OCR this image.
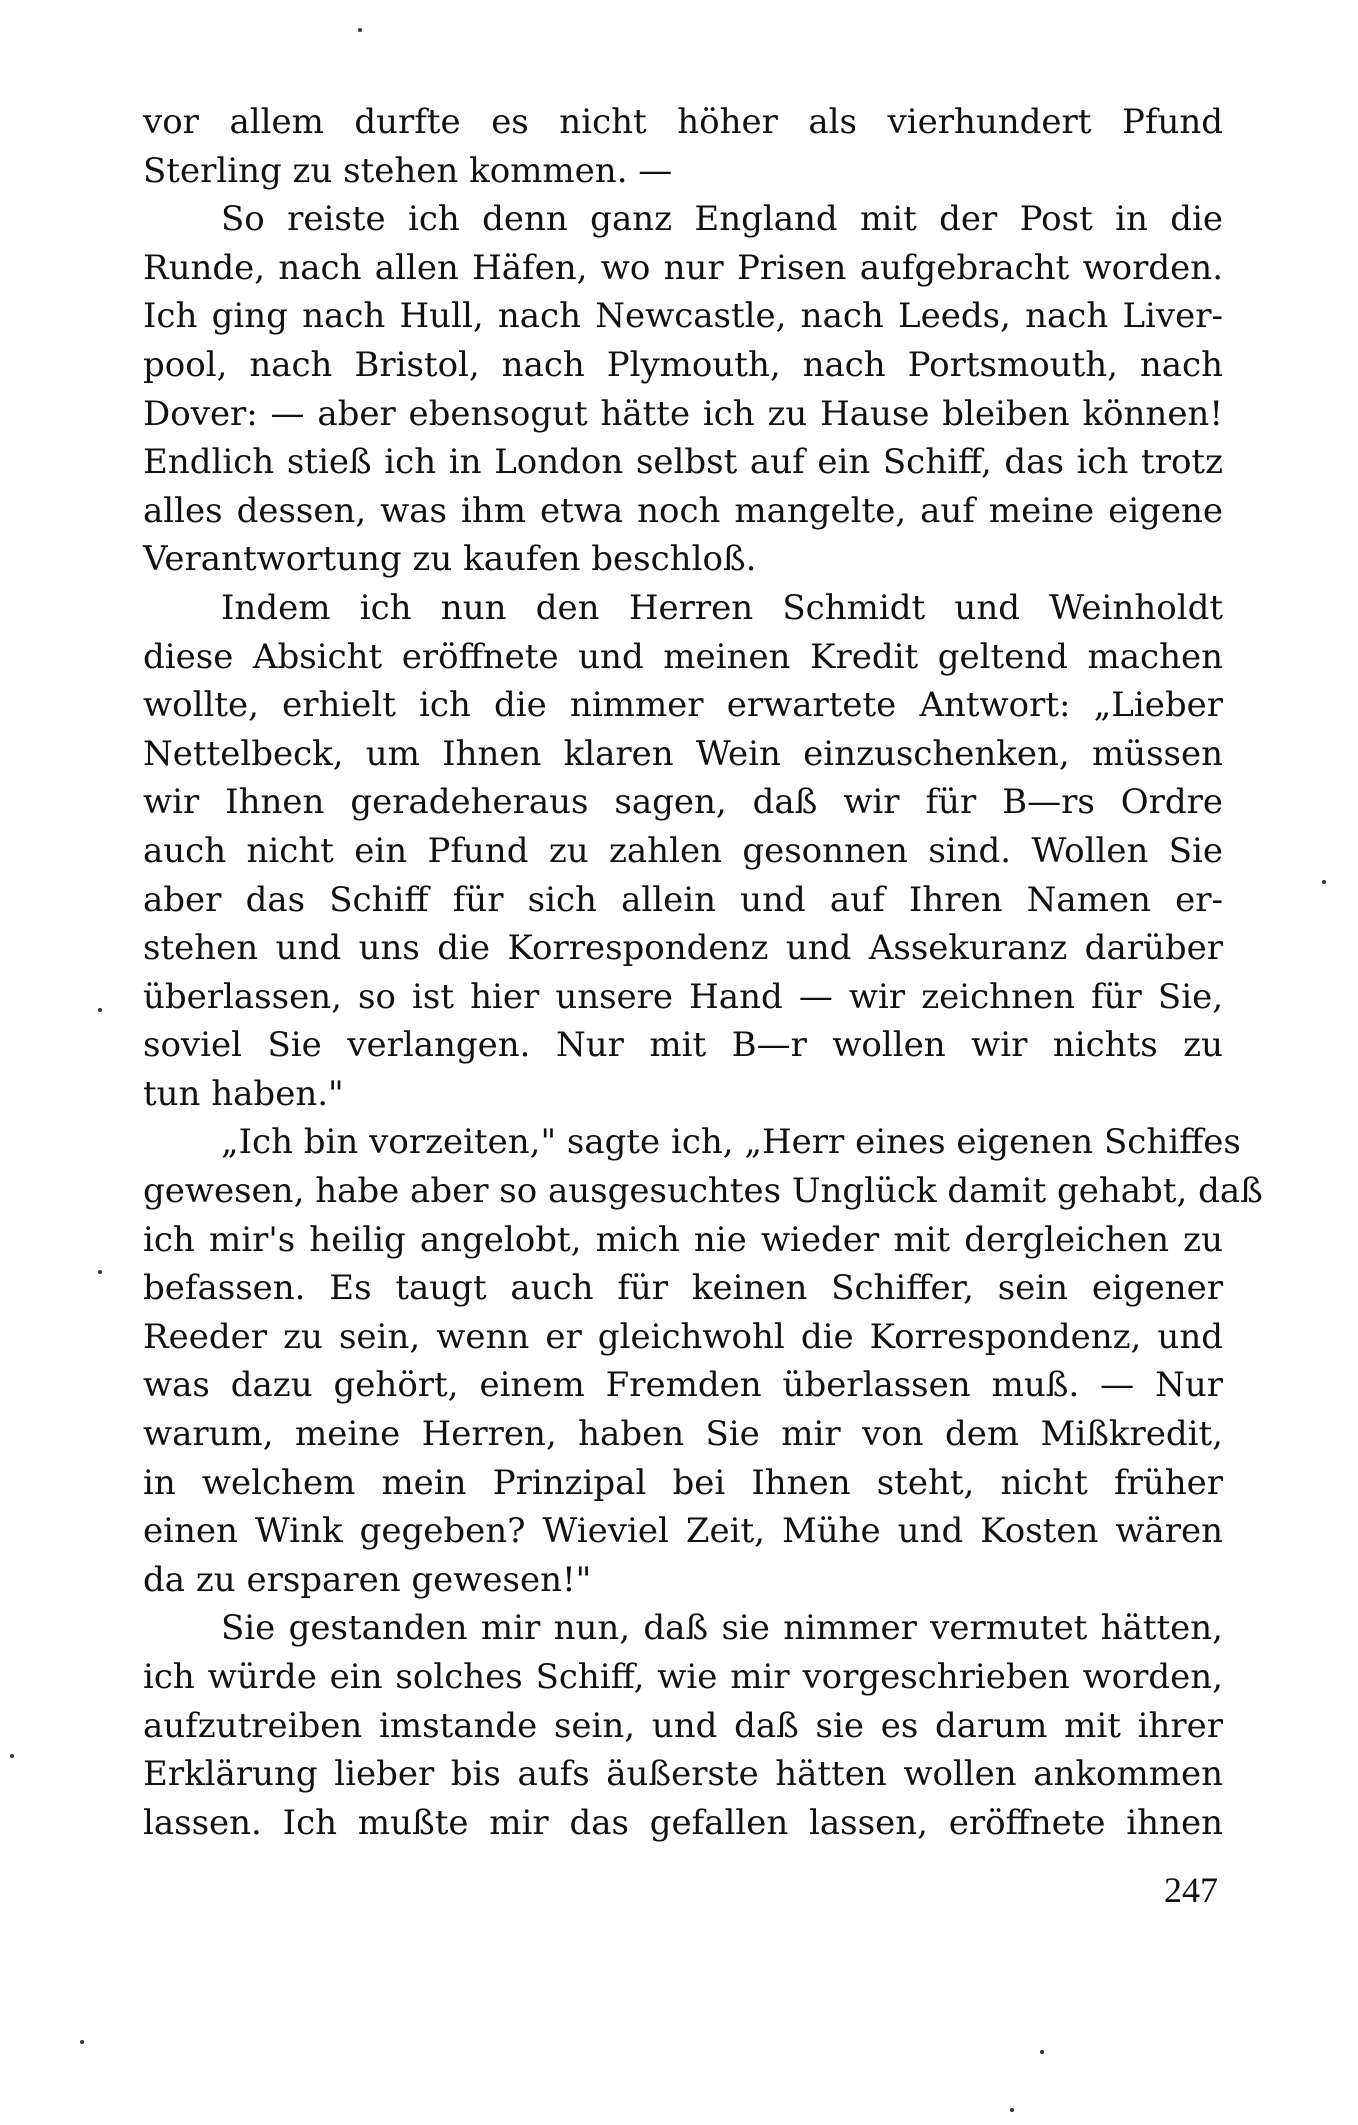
vor allem durfte es nicht höher als vierhundert Pfund
Sterling zu stehen kommen. —
So reiste ich denn ganz England mit der Post in die
Runde, nach allen Häfen, wo nur Prisen aufgebracht worden.
Ich ging nach Hull, nach Newcastle, nach Leeds, nach Liver-
pool, nach Bristol, nach Plymouth, nach Portsmouth, nach
Dover: — aber ebensogut hätte ich zu Hause bleiben können!
Endlich stieß ich in London selbst auf ein Schiff, das ich trotz
alles dessen, was ihm etwa noch mangelte, auf meine eigene
Verantwortung zu kaufen beschloß.
Indem ich nun den Herren Schmidt und Weinholdt
diese Absicht eröffnete und meinen Kredit geltend machen
wollte, erhielt ich die nimmer erwartete Antwort: „Lieber
Nettelbeck, um Ihnen klaren Wein einzuschenken, müssen
wir Ihnen geradeheraus sagen, daß wir für B—rs Ordre
auch nicht ein Pfund zu zahlen gesonnen sind. Wollen Sie
aber das Schiff für sich allein und auf Ihren Namen er-
stehen und uns die Korrespondenz und Assekuranz darüber
überlassen, so ist hier unsere Hand — wir zeichnen für Sie,
soviel Sie verlangen. Nur mit B—r wollen wir nichts zu
tun haben."
„Ich bin vorzeiten," sagte ich, „Herr eines eigenen Schiffes
gewesen, habe aber so ausgesuchtes Unglück damit gehabt, daß
ich mir's heilig angelobt, mich nie wieder mit dergleichen zu
befassen. Es taugt auch für keinen Schiffer, sein eigener
Reeder zu sein, wenn er gleichwohl die Korrespondenz, und
was dazu gehört, einem Fremden überlassen muß. — Nur
warum, meine Herren, haben Sie mir von dem Mißkredit,
in welchem mein Prinzipal bei Ihnen steht, nicht früher
einen Wink gegeben? Wieviel Zeit, Mühe und Kosten wären
da zu ersparen gewesen!"
Sie gestanden mir nun, daß sie nimmer vermutet hätten,
ich würde ein solches Schiff, wie mir vorgeschrieben worden,
aufzutreiben imstande sein, und daß sie es darum mit ihrer
Erklärung lieber bis aufs äußerste hätten wollen ankommen
lassen. Ich mußte mir das gefallen lassen, eröffnete ihnen
247
